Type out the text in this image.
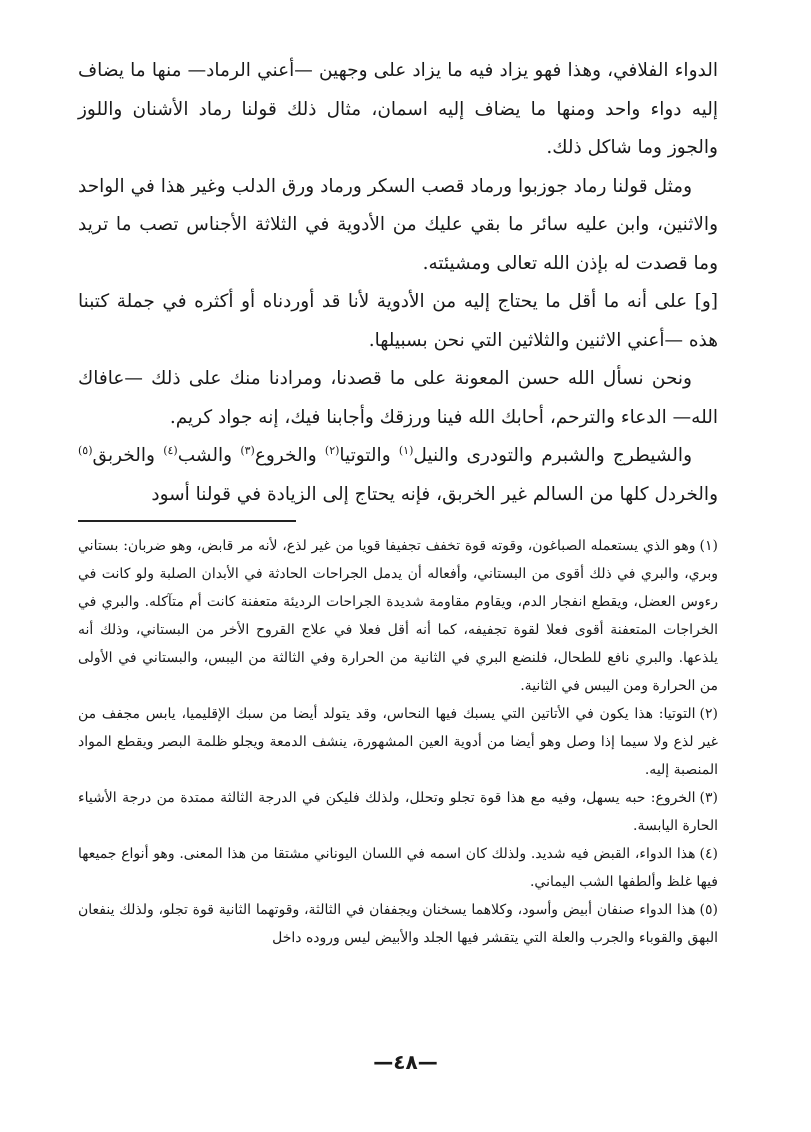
الدواء الفلافي، وهذا فهو يزاد فيه ما يزاد على وجهين —أعني الرماد— منها ما يضاف إليه دواء واحد ومنها ما يضاف إليه اسمان، مثال ذلك قولنا رماد الأشنان واللوز والجوز وما شاكل ذلك.

ومثل قولنا رماد جوزبوا ورماد قصب السكر ورماد ورق الدلب وغير هذا في الواحد والاثنين، وابن عليه سائر ما بقي عليك من الأدوية في الثلاثة الأجناس تصب ما تريد وما قصدت له بإذن الله تعالى ومشيئته.

[و] على أنه ما أقل ما يحتاج إليه من الأدوية لأنا قد أوردناه أو أكثره في جملة كتبنا هذه —أعني الاثنين والثلاثين التي نحن بسبيلها.

ونحن نسأل الله حسن المعونة على ما قصدنا، ومرادنا منك على ذلك —عافاك الله— الدعاء والترحم، أحابك الله فينا ورزقك وأجابنا فيك، إنه جواد كريم.

والشيطرج والشبرم والتودرى والنيل$^{(١)}$ والتوتيا$^{(٢)}$ والخروع$^{(٣)}$ والشب$^{(٤)}$ والخربق$^{(٥)}$ والخردل كلها من السالم غير الخربق، فإنه يحتاج إلى الزيادة في قولنا أسود

(١)وهو الذي يستعمله الصباغون، وقوته قوة تخفف تجفيفا قويا من غير لذع، لأنه مر قابض، وهو ضربان: بستاني وبري، والبري في ذلك أقوى من البستاني، وأفعاله أن يدمل الجراحات الحادثة في الأبدان الصلبة ولو كانت في رءوس العضل، ويقطع انفجار الدم، ويقاوم مقاومة شديدة الجراحات الرديئة متعفنة كانت أم متآكله. والبري في الخراجات المتعفنة أقوى فعلا لقوة تجفيفه، كما أنه أقل فعلا في علاج القروح الأخر من البستاني، وذلك أنه يلذعها. والبري نافع للطحال، فلنضع البري في الثانية من الحرارة وفي الثالثة من اليبس، والبستاني في الأولى من الحرارة ومن اليبس في الثانية.

(٢)التوتيا: هذا يكون في الأتاتين التي يسبك فيها النحاس، وقد يتولد أيضا من سبك الإقليميا، يابس مجفف من غير لذع ولا سيما إذا وصل وهو أيضا من أدوية العين المشهورة، ينشف الدمعة ويجلو ظلمة البصر ويقطع المواد المنصبة إليه.

(٣)الخروع: حبه يسهل، وفيه مع هذا قوة تجلو وتحلل، ولذلك فليكن في الدرجة الثالثة ممتدة من درجة الأشياء الحارة اليابسة.

(٤)هذا الدواء، القبض فيه شديد. ولذلك كان اسمه في اللسان اليوناني مشتقا من هذا المعنى. وهو أنواع جميعها فيها غلظ وألطفها الشب اليماني.

(٥)هذا الدواء صنفان أبيض وأسود، وكلاهما يسخنان ويجففان في الثالثة، وقوتهما الثانية قوة تجلو، ولذلك ينفعان البهق والقوباء والجرب والعلة التي يتقشر فيها الجلد والأبيض ليس وروده داخل

—٤٨—
